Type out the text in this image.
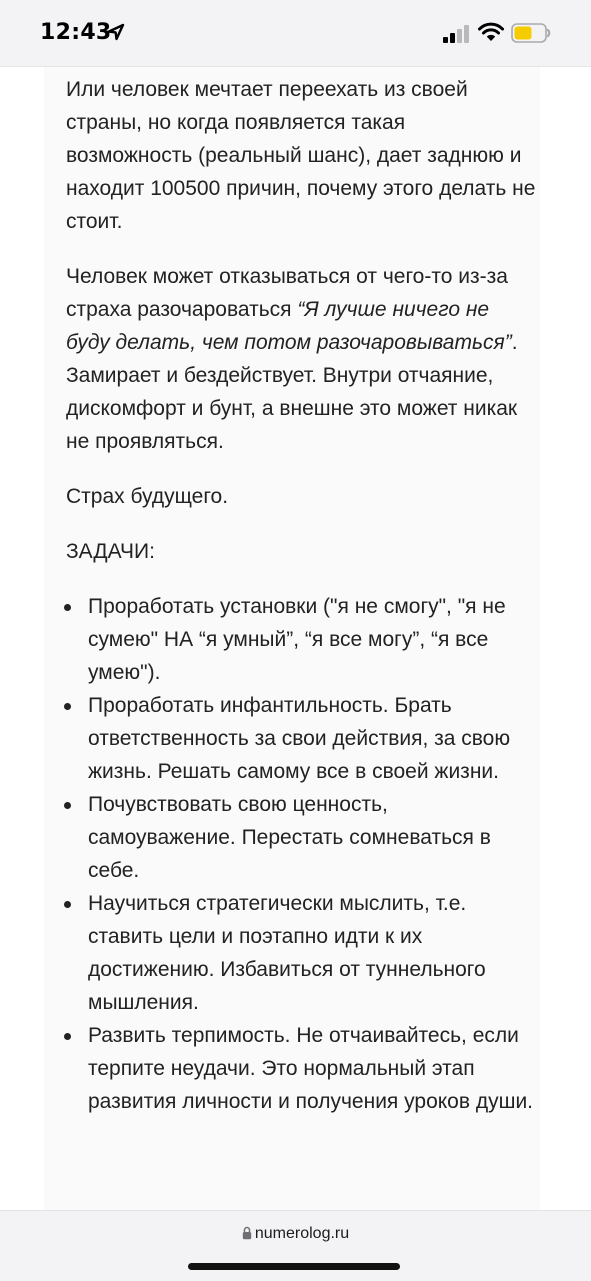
12:43

Или человек мечтает переехать из своей страны, но когда появляется такая возможность (реальный шанс), дает заднюю и находит 100500 причин, почему этого делать не стоит.

Человек может отказываться от чего-то из-за страха разочароваться “Я лучше ничего не буду делать, чем потом разочаровываться”. Замирает и бездействует. Внутри отчаяние, дискомфорт и бунт, а внешне это может никак не проявляться.

Страх будущего.

ЗАДАЧИ:

Проработать установки ("я не смогу", "я не сумею" НА “я умный”, “я все могу”, “я все умею").
Проработать инфантильность. Брать ответственность за свои действия, за свою жизнь. Решать самому все в своей жизни.
Почувствовать свою ценность, самоуважение. Перестать сомневаться в себе.
Научиться стратегически мыслить, т.е. ставить цели и поэтапно идти к их достижению. Избавиться от туннельного мышления.
Развить терпимость. Не отчаивайтесь, если терпите неудачи. Это нормальный этап развития личности и получения уроков души.
numerolog.ru
